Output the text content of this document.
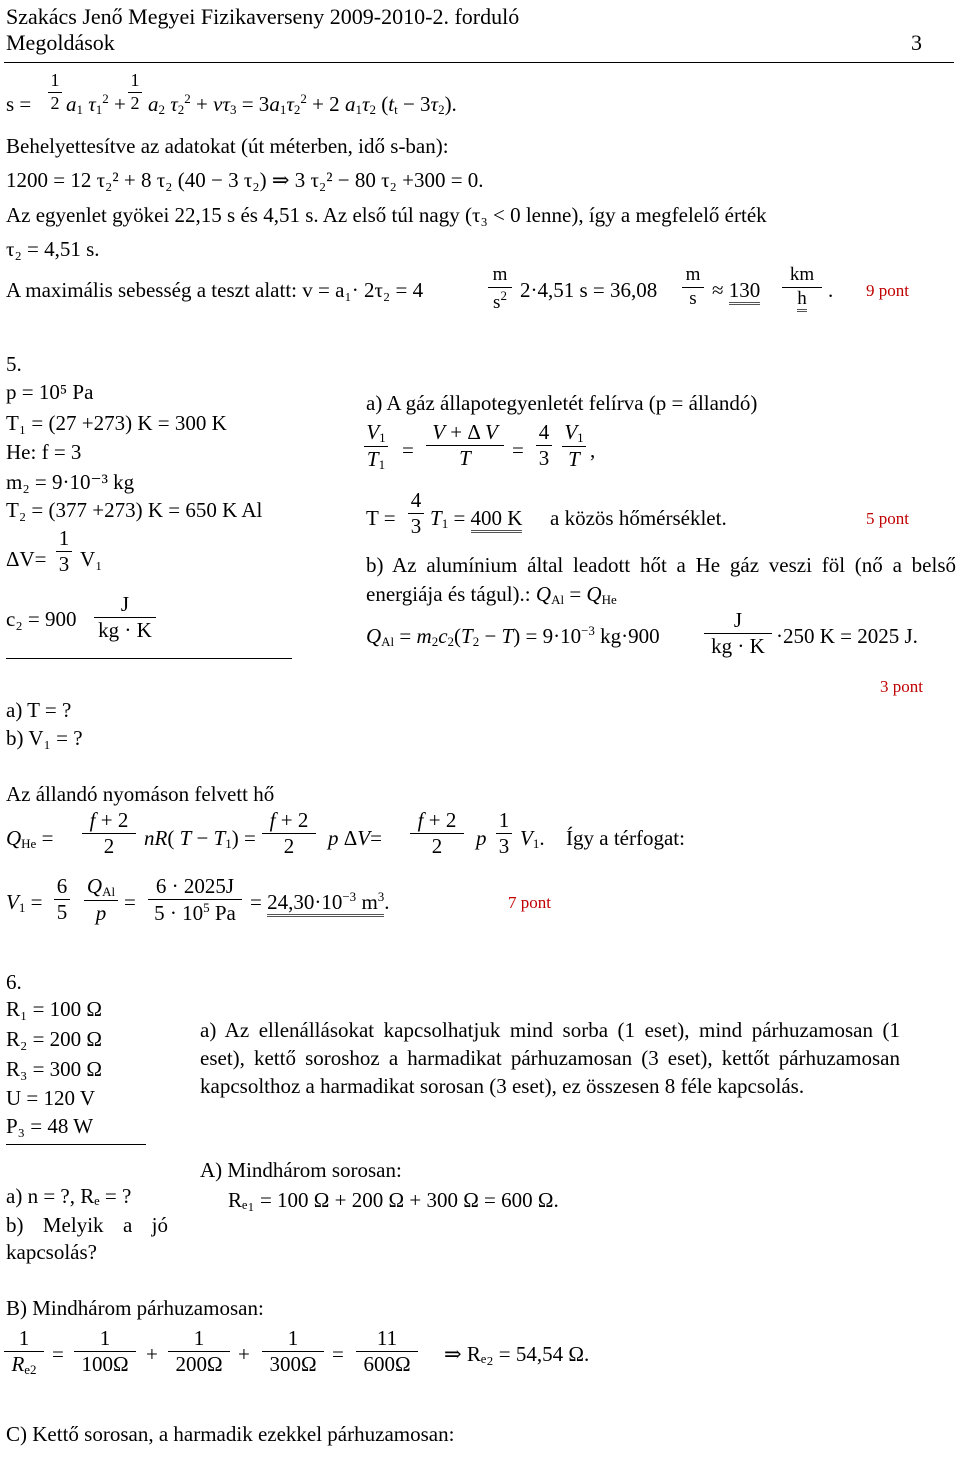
Szakács Jenő Megyei Fizikaverseny 2009-2010-2. forduló
Megoldások	3
$s = \frac{1}{2} a_1$ $\tau_1^2 + \frac{1}{2} a_2$ $\tau_2^2 + v\tau_3 = 3a_1\tau_2^2 + 2$ $a_1\tau_2$ $(t_t - 3\tau_2)$.
Behelyettesítve az adatokat (út méterben, idő s-ban):
1200 = 12 τ₂² + 8 τ₂ (40 − 3 τ₂) ⇒ 3 τ₂² − 80 τ₂ +300 = 0.
Az egyenlet gyökei 22,15 s és 4,51 s. Az első túl nagy (τ₃ < 0 lenne), így a megfelelő érték
τ₂ = 4,51 s.
A maximális sebesség a teszt alatt: v = a₁· 2τ₂ = 4	$\frac{m}{s^2} 2\cdot 4,51$ $s = 36,08 \frac{m}{s} \approx 130 \frac{km}{h}$ . 9 pont
5.
p = 10⁵ Pa
T₁ = (27 +273) K = 300 K
He: f = 3
m₂ = 9·10⁻³ kg
T₂ = (377 +273) K = 650 K Al
$\Delta V= \frac{1}{3} V_1$
$c_2 = 900 \frac{J}{kg \cdot K}$
a) T = ?
b) V₁ = ?
a) A gáz állapotegyenletét felírva (p = állandó)
$\frac{V_1}{T_1} = \frac{\text{V + Δ V}}{T} = \frac{4}{3} \frac{V_1}{T}$ ,
$T = \frac{4}{3} T_1 = 400$ K a közös hőmérséklet.	5 pont
b) Az alumínium által leadott hőt a He gáz veszi föl (nő a belső energiája és tágul).: $Q_{Al} = Q_{He}$
$Q_{Al} = m_2c_2(T_2 - T) = 9\cdot 10^{-3}$ $kg\cdot 900 \frac{J}{kg \cdot K} \cdot 250$ K = 2025 J.
3 pont
Az állandó nyomáson felvett hő
$Q_{He} = \frac{f + 2}{2} nR$( $T - T_1) = \frac{f + 2}{2}$ p $\Delta V= \frac{f + 2}{2}$ p $\frac{1}{3} V_1$. Így a térfogat:
$V_1 = \frac{6}{5} Q_{Al}$
$p = \frac{6 \cdot 2025J}{5 \cdot 10^5 Pa} = 24,30\cdot 10^{-3}$ $m^3$.	7 pont
6.
R₁ = 100 Ω
R₂ = 200 Ω
R₃ = 300 Ω
U = 120 V
P₃ = 48 W
a) n = ?, Rₑ = ?
b) Melyik a jó kapcsolás?
a) Az ellenállásokat kapcsolhatjuk mind sorba (1 eset), mind párhuzamosan (1 eset), kettő soroshoz a harmadikat párhuzamosan (3 eset), kettőt párhuzamosan kapcsolthoz a harmadikat sorosan (3 eset), ez összesen 8 féle kapcsolás.
A) Mindhárom sorosan:
Rₑ₁ = 100 Ω + 200 Ω + 300 Ω = 600 Ω.
B) Mindhárom párhuzamosan:
$\frac{1}{R_{e2}} = \frac{1}{100\Omega} + \frac{1}{200\Omega} + \frac{1}{300\Omega} = \frac{11}{600\Omega}$ ⇒ Rₑ₂ = 54,54 Ω.
C) Kettő sorosan, a harmadik ezekkel párhuzamosan:
